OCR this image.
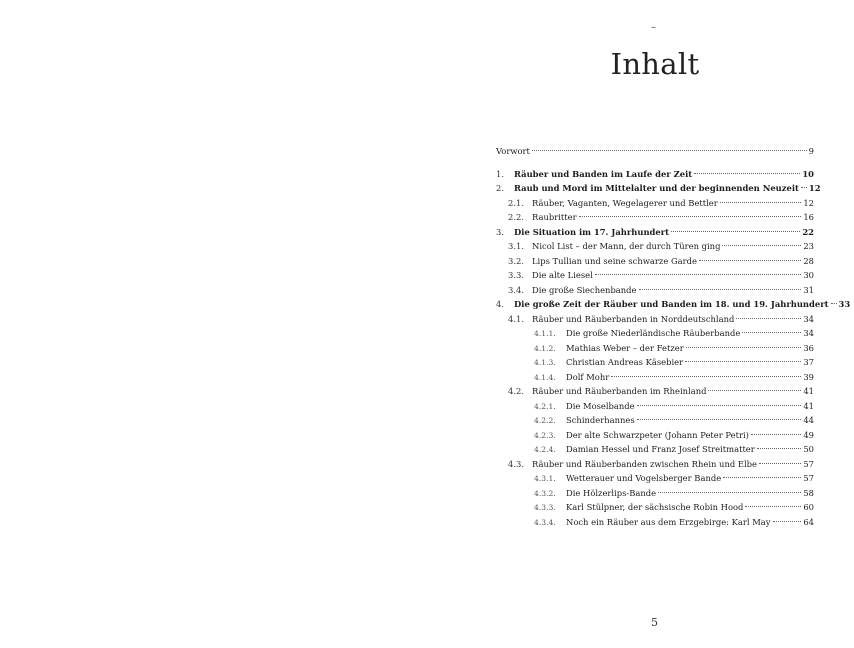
–
Inhalt
Vorwort	9
1.	Räuber und Banden im Laufe der Zeit	10
2.	Raub und Mord im Mittelalter und der beginnenden Neuzeit 12
2.1. Räuber, Vaganten, Wegelagerer und Bettler	12
2.2. Raubritter	16
3.	Die Situation im 17. Jahrhundert	22
3.1. Nicol List – der Mann, der durch Türen ging	23
3.2. Lips Tullian und seine schwarze Garde	28
3.3. Die alte Liesel	30
3.4. Die große Siechenbande	31
4.	Die große Zeit der Räuber und Banden im 18. und 19. Jahrhundert 33
4.1. Räuber und Räuberbanden in Norddeutschland	34
4.1.1.	Die große Niederländische Räuberbande	34
4.1.2.	Mathias Weber – der Fetzer	36
4.1.3.	Christian Andreas Käsebier	37
4.1.4.	Dolf Mohr	39
4.2. Räuber und Räuberbanden im Rheinland	41
4.2.1.	Die Moselbande	41
4.2.2.	Schinderhannes	44
4.2.3.	Der alte Schwarzpeter (Johann Peter Petri)	49
4.2.4.	Damian Hessel und Franz Josef Streitmatter	50
4.3. Räuber und Räuberbanden zwischen Rhein und Elbe	57
4.3.1.	Wetterauer und Vogelsberger Bande	57
4.3.2.	Die Hölzerlips-Bande	58
4.3.3.	Karl Stülpner, der sächsische Robin Hood	60
4.3.4.	Noch ein Räuber aus dem Erzgebirge: Karl May	64
5
